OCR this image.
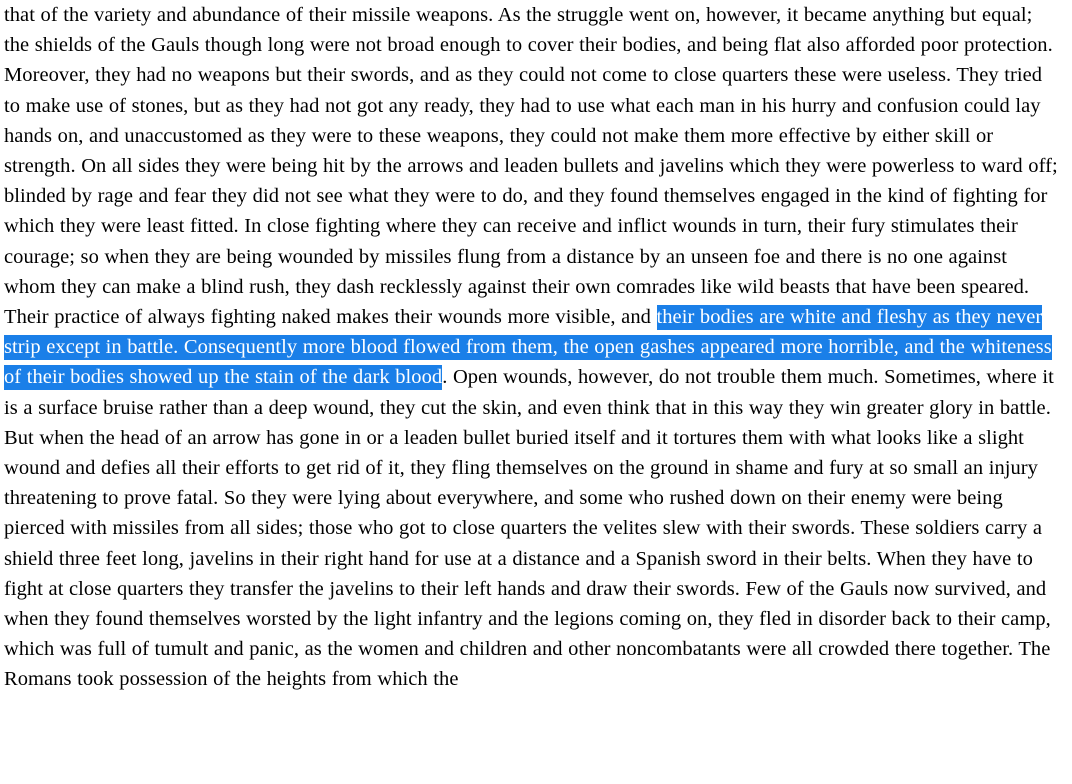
that of the variety and abundance of their missile weapons. As the struggle went on, however, it became anything but equal; the shields of the Gauls though long were not broad enough to cover their bodies, and being flat also afforded poor protection. Moreover, they had no weapons but their swords, and as they could not come to close quarters these were useless. They tried to make use of stones, but as they had not got any ready, they had to use what each man in his hurry and confusion could lay hands on, and unaccustomed as they were to these weapons, they could not make them more effective by either skill or strength. On all sides they were being hit by the arrows and leaden bullets and javelins which they were powerless to ward off; blinded by rage and fear they did not see what they were to do, and they found themselves engaged in the kind of fighting for which they were least fitted. In close fighting where they can receive and inflict wounds in turn, their fury stimulates their courage; so when they are being wounded by missiles flung from a distance by an unseen foe and there is no one against whom they can make a blind rush, they dash recklessly against their own comrades like wild beasts that have been speared. Their practice of always fighting naked makes their wounds more visible, and their bodies are white and fleshy as they never strip except in battle. Consequently more blood flowed from them, the open gashes appeared more horrible, and the whiteness of their bodies showed up the stain of the dark blood. Open wounds, however, do not trouble them much. Sometimes, where it is a surface bruise rather than a deep wound, they cut the skin, and even think that in this way they win greater glory in battle. But when the head of an arrow has gone in or a leaden bullet buried itself and it tortures them with what looks like a slight wound and defies all their efforts to get rid of it, they fling themselves on the ground in shame and fury at so small an injury threatening to prove fatal. So they were lying about everywhere, and some who rushed down on their enemy were being pierced with missiles from all sides; those who got to close quarters the velites slew with their swords. These soldiers carry a shield three feet long, javelins in their right hand for use at a distance and a Spanish sword in their belts. When they have to fight at close quarters they transfer the javelins to their left hands and draw their swords. Few of the Gauls now survived, and when they found themselves worsted by the light infantry and the legions coming on, they fled in disorder back to their camp, which was full of tumult and panic, as the women and children and other noncombatants were all crowded there together. The Romans took possession of the heights from which the
